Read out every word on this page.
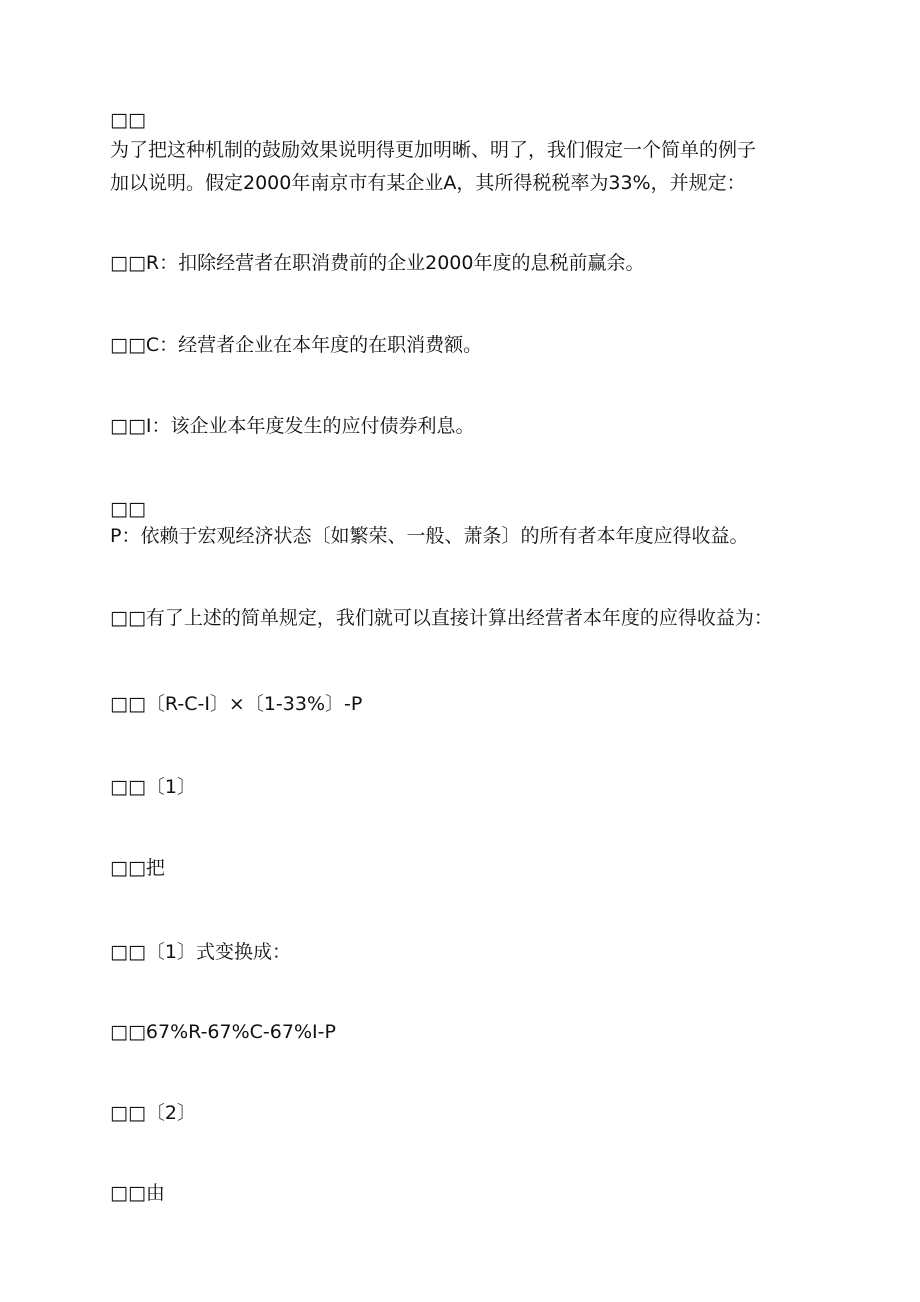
□□
为了把这种机制的鼓励效果说明得更加明晰、明了，我们假定一个简单的例子
加以说明。假定2000年南京市有某企业A，其所得税税率为33%，并规定：
□□R：扣除经营者在职消费前的企业2000年度的息税前赢余。
□□C：经营者企业在本年度的在职消费额。
□□I：该企业本年度发生的应付债券利息。
□□
P：依赖于宏观经济状态〔如繁荣、一般、萧条〕的所有者本年度应得收益。
□□有了上述的简单规定，我们就可以直接计算出经营者本年度的应得收益为：
□□〔R-C-I〕×〔1-33%〕-P
□□〔1〕
□□把
□□〔1〕式变换成：
□□67%R-67%C-67%I-P
□□〔2〕
□□由
